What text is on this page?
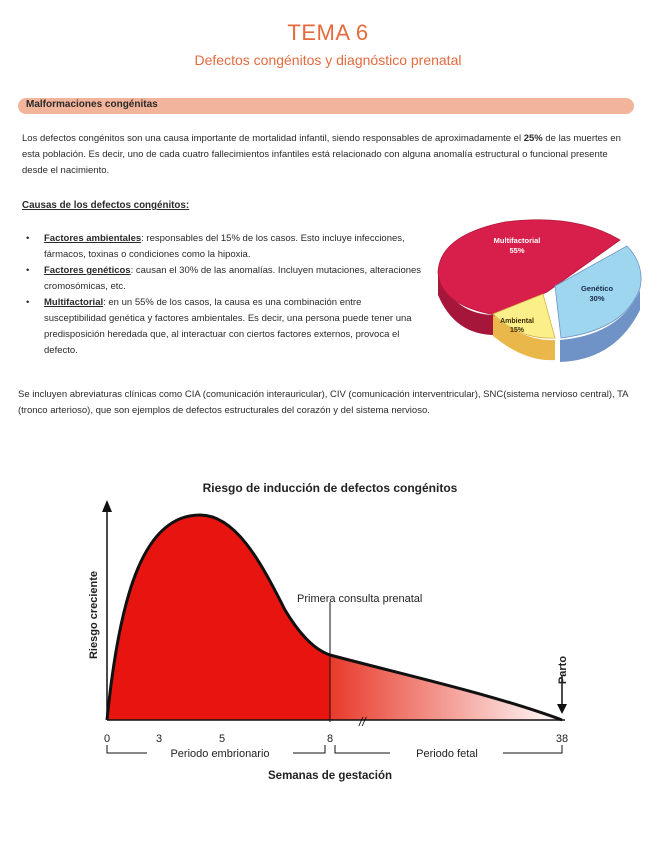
TEMA 6
Defectos congénitos y diagnóstico prenatal
Malformaciones congénitas
Los defectos congénitos son una causa importante de mortalidad infantil, siendo responsables de aproximadamente el 25% de las muertes en esta población. Es decir, uno de cada cuatro fallecimientos infantiles está relacionado con alguna anomalía estructural o funcional presente desde el nacimiento.
Causas de los defectos congénitos:
• Factores ambientales: responsables del 15% de los casos. Esto incluye infecciones, fármacos, toxinas o condiciones como la hipoxia.
• Factores genéticos: causan el 30% de las anomalías. Incluyen mutaciones, alteraciones cromosómicas, etc.
• Multifactorial: en un 55% de los casos, la causa es una combinación entre susceptibilidad genética y factores ambientales. Es decir, una persona puede tener una predisposición heredada que, al interactuar con ciertos factores externos, provoca el defecto.
Multifactorial
55%
Genético
30%
Ambiental
15%
Se incluyen abreviaturas clínicas como CIA (comunicación interauricular), CIV (comunicación interventricular), SNC(sistema nervioso central), TA (tronco arterioso), que son ejemplos de defectos estructurales del corazón y del sistema nervioso.
Riesgo de inducción de defectos congénitos
Riesgo creciente	Primera consulta prenatal
//
Parto
0	3	5	8	38
Periodo embrionario	Periodo fetal
Semanas de gestación
